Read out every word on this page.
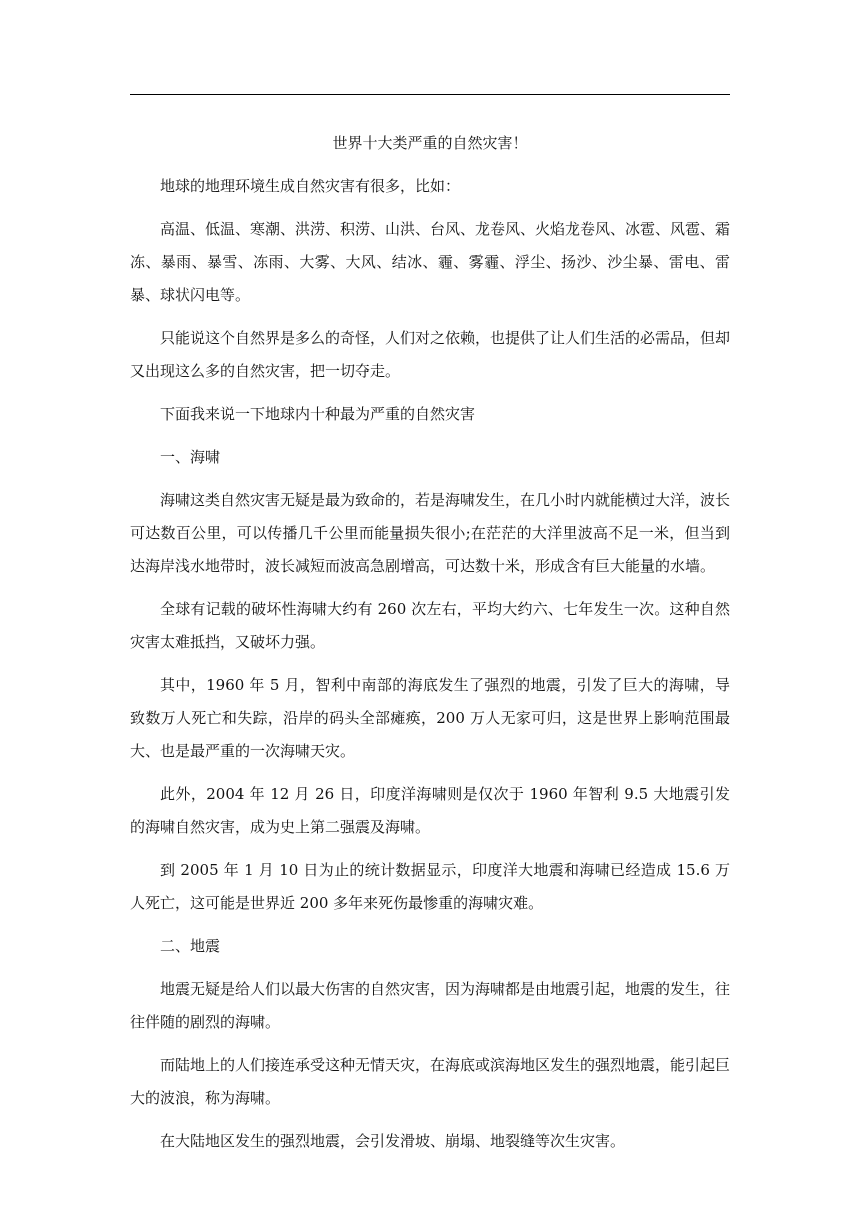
世界十大类严重的自然灾害！

地球的地理环境生成自然灾害有很多，比如：

高温、低温、寒潮、洪涝、积涝、山洪、台风、龙卷风、火焰龙卷风、冰雹、风雹、霜冻、暴雨、暴雪、冻雨、大雾、大风、结冰、霾、雾霾、浮尘、扬沙、沙尘暴、雷电、雷暴、球状闪电等。

只能说这个自然界是多么的奇怪，人们对之依赖，也提供了让人们生活的必需品，但却又出现这么多的自然灾害，把一切夺走。

下面我来说一下地球内十种最为严重的自然灾害

一、海啸

海啸这类自然灾害无疑是最为致命的，若是海啸发生，在几小时内就能横过大洋，波长可达数百公里，可以传播几千公里而能量损失很小;在茫茫的大洋里波高不足一米，但当到达海岸浅水地带时，波长减短而波高急剧增高，可达数十米，形成含有巨大能量的水墙。

全球有记载的破坏性海啸大约有 260 次左右，平均大约六、七年发生一次。这种自然灾害太难抵挡，又破坏力强。

其中，1960 年 5 月，智利中南部的海底发生了强烈的地震，引发了巨大的海啸，导致数万人死亡和失踪，沿岸的码头全部瘫痪，200 万人无家可归，这是世界上影响范围最大、也是最严重的一次海啸天灾。

此外，2004 年 12 月 26 日，印度洋海啸则是仅次于 1960 年智利 9.5 大地震引发的海啸自然灾害，成为史上第二强震及海啸。

到 2005 年 1 月 10 日为止的统计数据显示，印度洋大地震和海啸已经造成 15.6 万人死亡，这可能是世界近 200 多年来死伤最惨重的海啸灾难。

二、地震

地震无疑是给人们以最大伤害的自然灾害，因为海啸都是由地震引起，地震的发生，往往伴随的剧烈的海啸。

而陆地上的人们接连承受这种无情天灾，在海底或滨海地区发生的强烈地震，能引起巨大的波浪，称为海啸。

在大陆地区发生的强烈地震，会引发滑坡、崩塌、地裂缝等次生灾害。
